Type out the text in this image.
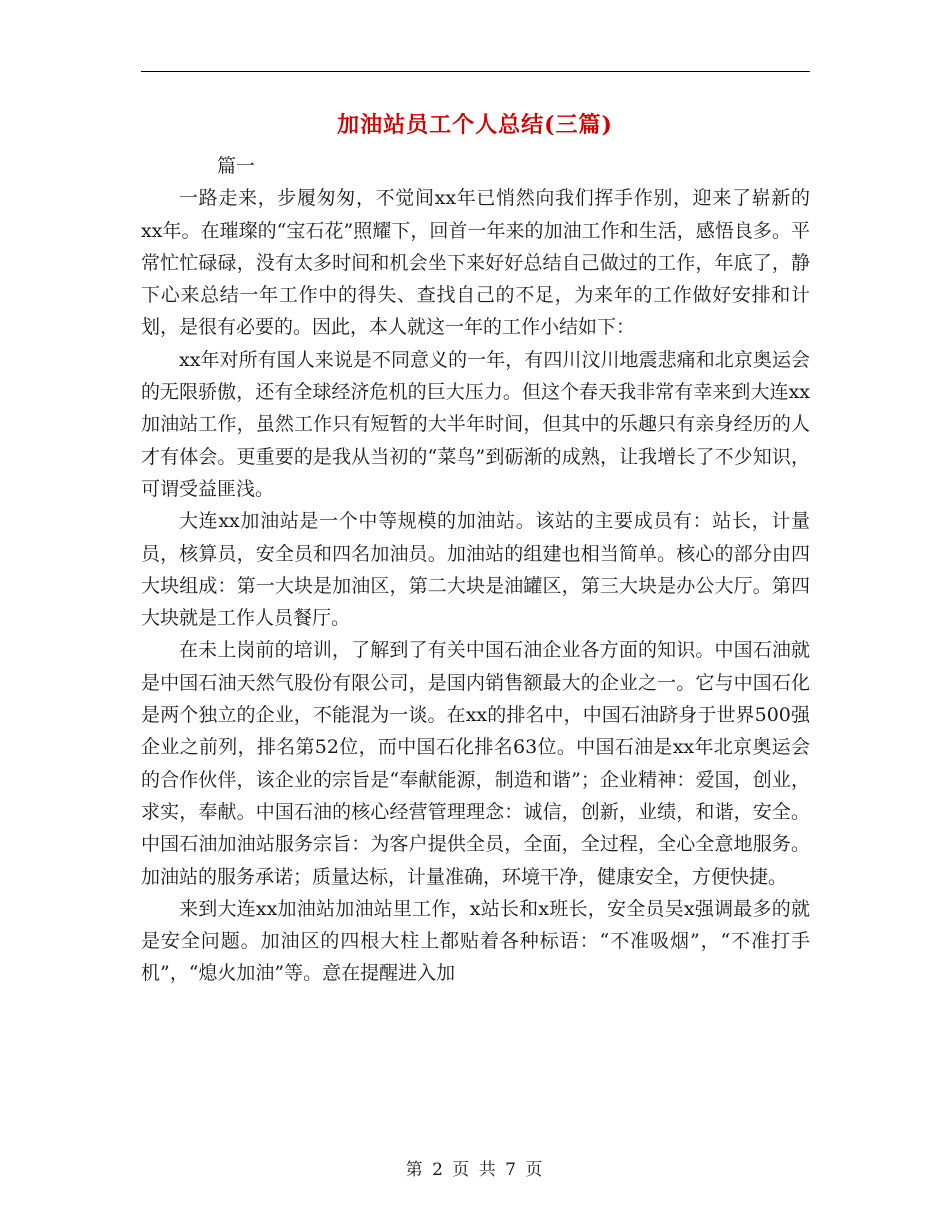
加油站员工个人总结(三篇)

　　篇一

一路走来，步履匆匆，不觉间xx年已悄然向我们挥手作别，迎来了崭新的xx年。在璀璨的“宝石花”照耀下，回首一年来的加油工作和生活，感悟良多。平常忙忙碌碌，没有太多时间和机会坐下来好好总结自己做过的工作，年底了，静下心来总结一年工作中的得失、查找自己的不足，为来年的工作做好安排和计划，是很有必要的。因此，本人就这一年的工作小结如下：

xx年对所有国人来说是不同意义的一年，有四川汶川地震悲痛和北京奥运会的无限骄傲，还有全球经济危机的巨大压力。但这个春天我非常有幸来到大连xx加油站工作，虽然工作只有短暂的大半年时间，但其中的乐趣只有亲身经历的人才有体会。更重要的是我从当初的“菜鸟”到砺渐的成熟，让我增长了不少知识，可谓受益匪浅。

大连xx加油站是一个中等规模的加油站。该站的主要成员有：站长，计量员，核算员，安全员和四名加油员。加油站的组建也相当简单。核心的部分由四大块组成：第一大块是加油区，第二大块是油罐区，第三大块是办公大厅。第四大块就是工作人员餐厅。

在未上岗前的培训，了解到了有关中国石油企业各方面的知识。中国石油就是中国石油天然气股份有限公司，是国内销售额最大的企业之一。它与中国石化是两个独立的企业，不能混为一谈。在xx的排名中，中国石油跻身于世界500强企业之前列，排名第52位，而中国石化排名63位。中国石油是xx年北京奥运会的合作伙伴，该企业的宗旨是“奉献能源，制造和谐”；企业精神：爱国，创业，求实，奉献。中国石油的核心经营管理理念：诚信，创新，业绩，和谐，安全。中国石油加油站服务宗旨：为客户提供全员，全面，全过程，全心全意地服务。加油站的服务承诺；质量达标，计量准确，环境干净，健康安全，方便快捷。

来到大连xx加油站加油站里工作，x站长和x班长，安全员吴x强调最多的就是安全问题。加油区的四根大柱上都贴着各种标语：“不准吸烟”，“不准打手机”，“熄火加油”等。意在提醒进入加

第 2 页 共 7 页
